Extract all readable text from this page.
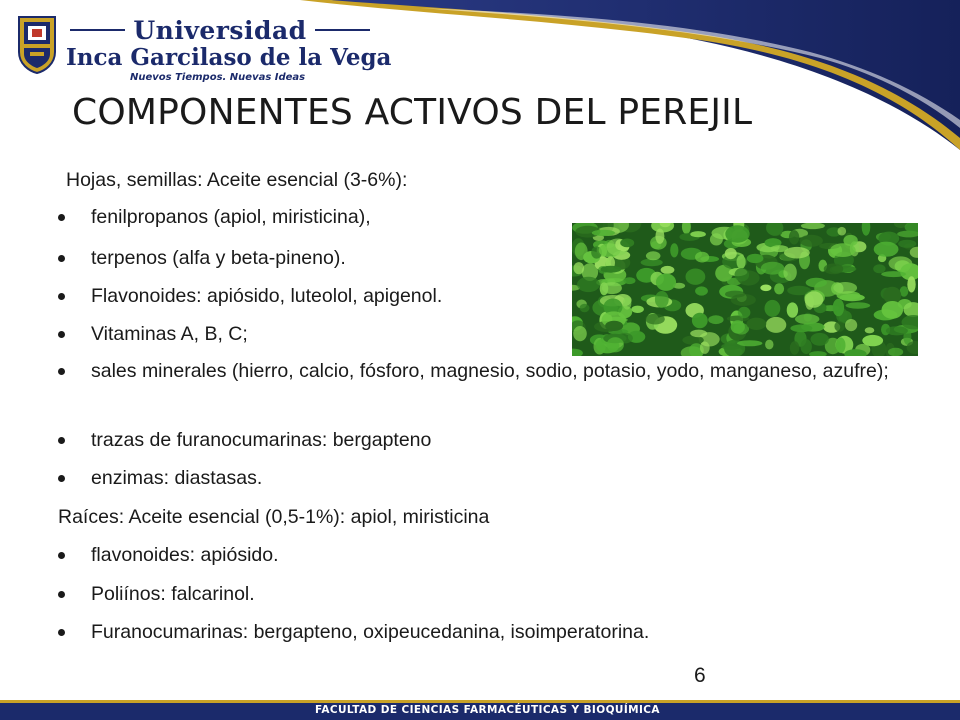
Universidad
Inca Garcilaso de la Vega
Nuevos Tiempos. Nuevas Ideas
COMPONENTES ACTIVOS DEL PEREJIL
Hojas, semillas: Aceite esencial (3-6%):
fenilpropanos (apiol, miristicina),
terpenos (alfa y beta-pineno).
Flavonoides: apiósido, luteolol, apigenol.
Vitaminas A, B, C;
sales minerales (hierro, calcio, fósforo, magnesio, sodio, potasio, yodo, manganeso, azufre);
trazas de furanocumarinas: bergapteno
enzimas: diastasas.
Raíces: Aceite esencial (0,5-1%): apiol, miristicina
flavonoides: apiósido.
Poliínos: falcarinol.
Furanocumarinas: bergapteno, oxipeucedanina, isoimperatorina.
6
FACULTAD DE CIENCIAS FARMACÉUTICAS Y BIOQUÍMICA
